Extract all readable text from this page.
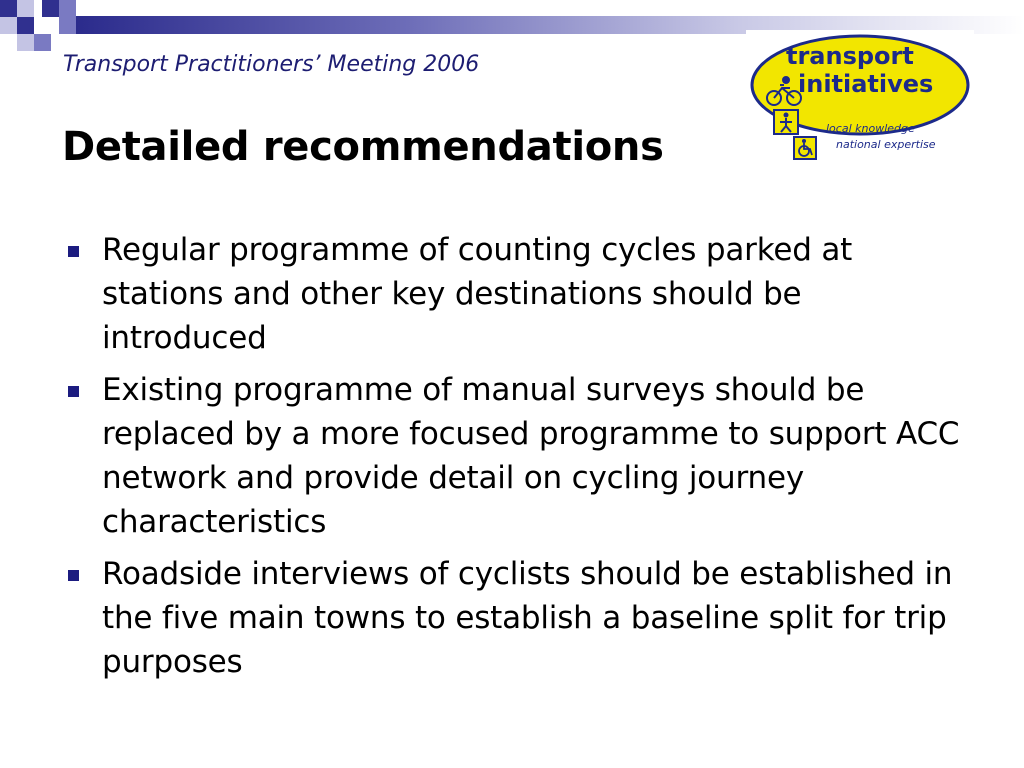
Transport Practitioners’ Meeting 2006
Detailed recommendations
transport
initiatives
local knowledge
national expertise
Regular programme of counting cycles parked at stations and other key destinations should be introduced
Existing programme of manual surveys should be replaced by a more focused programme to support ACC network and provide detail on cycling journey characteristics
Roadside interviews of cyclists should be established in the five main towns to establish a baseline split for trip purposes
